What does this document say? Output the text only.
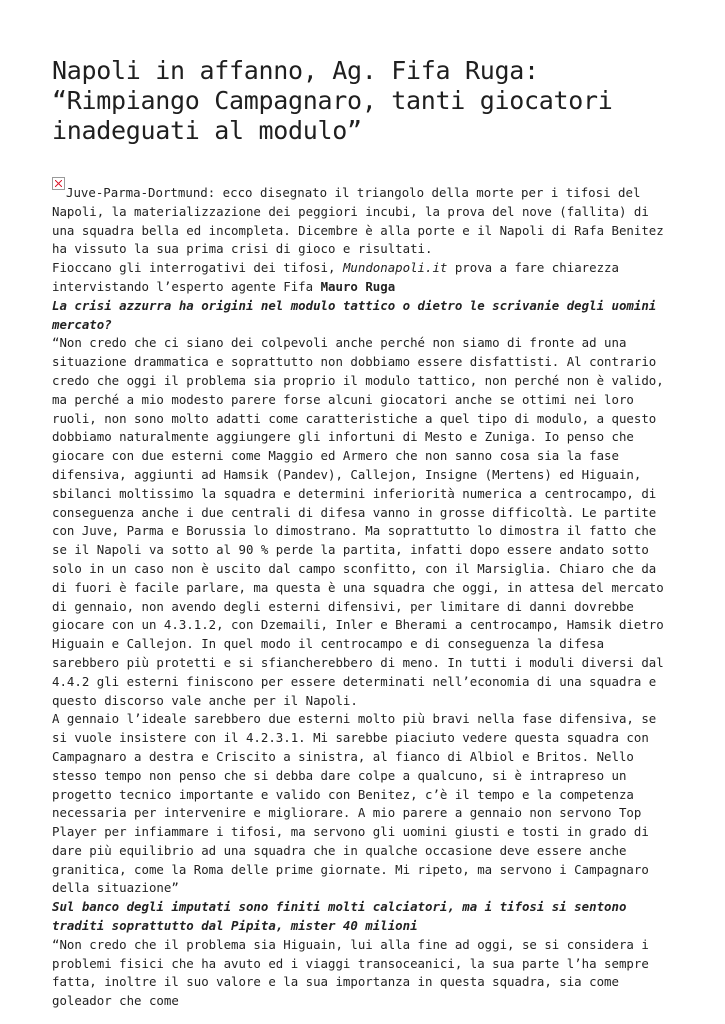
Napoli in affanno, Ag. Fifa Ruga: “Rimpiango Campagnaro, tanti giocatori inadeguati al modulo”

Juve-Parma-Dortmund: ecco disegnato il triangolo della morte per i tifosi del Napoli, la materializzazione dei peggiori incubi, la prova del nove (fallita) di una squadra bella ed incompleta. Dicembre è alla porte e il Napoli di Rafa Benitez ha vissuto la sua prima crisi di gioco e risultati.

Fioccano gli interrogativi dei tifosi, Mundonapoli.it prova a fare chiarezza intervistando l’esperto agente Fifa Mauro Ruga

La crisi azzurra ha origini nel modulo tattico o dietro le scrivanie degli uomini mercato?

“Non credo che ci siano dei colpevoli anche perché non siamo di fronte ad una situazione drammatica e soprattutto non dobbiamo essere disfattisti. Al contrario credo che oggi il problema sia proprio il modulo tattico, non perché non è valido, ma perché a mio modesto parere forse alcuni giocatori anche se ottimi nei loro ruoli, non sono molto adatti come caratteristiche a quel tipo di modulo, a questo dobbiamo naturalmente aggiungere gli infortuni di Mesto e Zuniga. Io penso che giocare con due esterni come Maggio ed Armero che non sanno cosa sia la fase difensiva, aggiunti ad Hamsik (Pandev), Callejon, Insigne (Mertens) ed Higuain, sbilanci moltissimo la squadra e determini inferiorità numerica a centrocampo, di conseguenza anche i due centrali di difesa vanno in grosse difficoltà. Le partite con Juve, Parma e Borussia lo dimostrano. Ma soprattutto lo dimostra il fatto che se il Napoli va sotto al 90 % perde la partita, infatti dopo essere andato sotto solo in un caso non è uscito dal campo sconfitto, con il Marsiglia. Chiaro che da di fuori è facile parlare, ma questa è una squadra che oggi, in attesa del mercato di gennaio, non avendo degli esterni difensivi, per limitare di danni dovrebbe giocare con un 4.3.1.2, con Dzemaili, Inler e Bherami a centrocampo, Hamsik dietro Higuain e Callejon. In quel modo il centrocampo e di conseguenza la difesa sarebbero più protetti e si sfiancherebbero di meno. In tutti i moduli diversi dal 4.4.2 gli esterni finiscono per essere determinati nell’economia di una squadra e questo discorso vale anche per il Napoli.

A gennaio l’ideale sarebbero due esterni molto più bravi nella fase difensiva, se si vuole insistere con il 4.2.3.1. Mi sarebbe piaciuto vedere questa squadra con Campagnaro a destra e Criscito a sinistra, al fianco di Albiol e Britos. Nello stesso tempo non penso che si debba dare colpe a qualcuno, si è intrapreso un progetto tecnico importante e valido con Benitez, c’è il tempo e la competenza necessaria per intervenire e migliorare. A mio parere a gennaio non servono Top Player per infiammare i tifosi, ma servono gli uomini giusti e tosti in grado di dare più equilibrio ad una squadra che in qualche occasione deve essere anche granitica, come la Roma delle prime giornate. Mi ripeto, ma servono i Campagnaro della situazione”

Sul banco degli imputati sono finiti molti calciatori, ma i tifosi si sentono traditi soprattutto dal Pipita, mister 40 milioni

“Non credo che il problema sia Higuain, lui alla fine ad oggi, se si considera i problemi fisici che ha avuto ed i viaggi transoceanici, la sua parte l’ha sempre fatta, inoltre il suo valore e la sua importanza in questa squadra, sia come goleador che come
